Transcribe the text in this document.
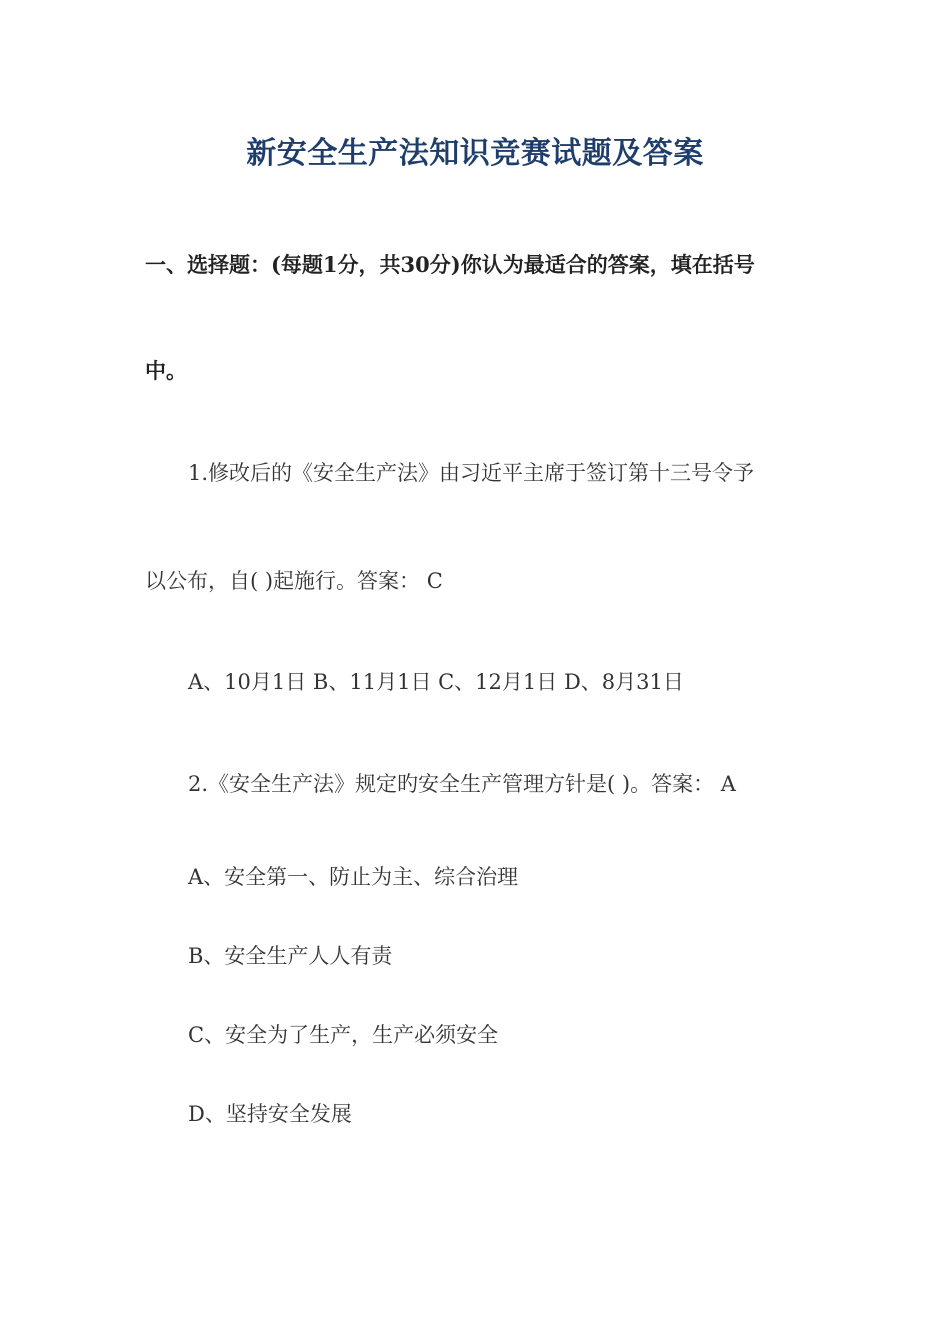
新安全生产法知识竞赛试题及答案
一、选择题：(每题1分，共30分)你认为最适合的答案，填在括号
中。
1.修改后的《安全生产法》由习近平主席于签订第十三号令予
以公布，自( )起施行。答案： C
A、10月1日 B、11月1日 C、12月1日 D、8月31日
2.《安全生产法》规定旳安全生产管理方针是( )。答案： A
A、安全第一、防止为主、综合治理
B、安全生产人人有责
C、安全为了生产，生产必须安全
D、坚持安全发展
